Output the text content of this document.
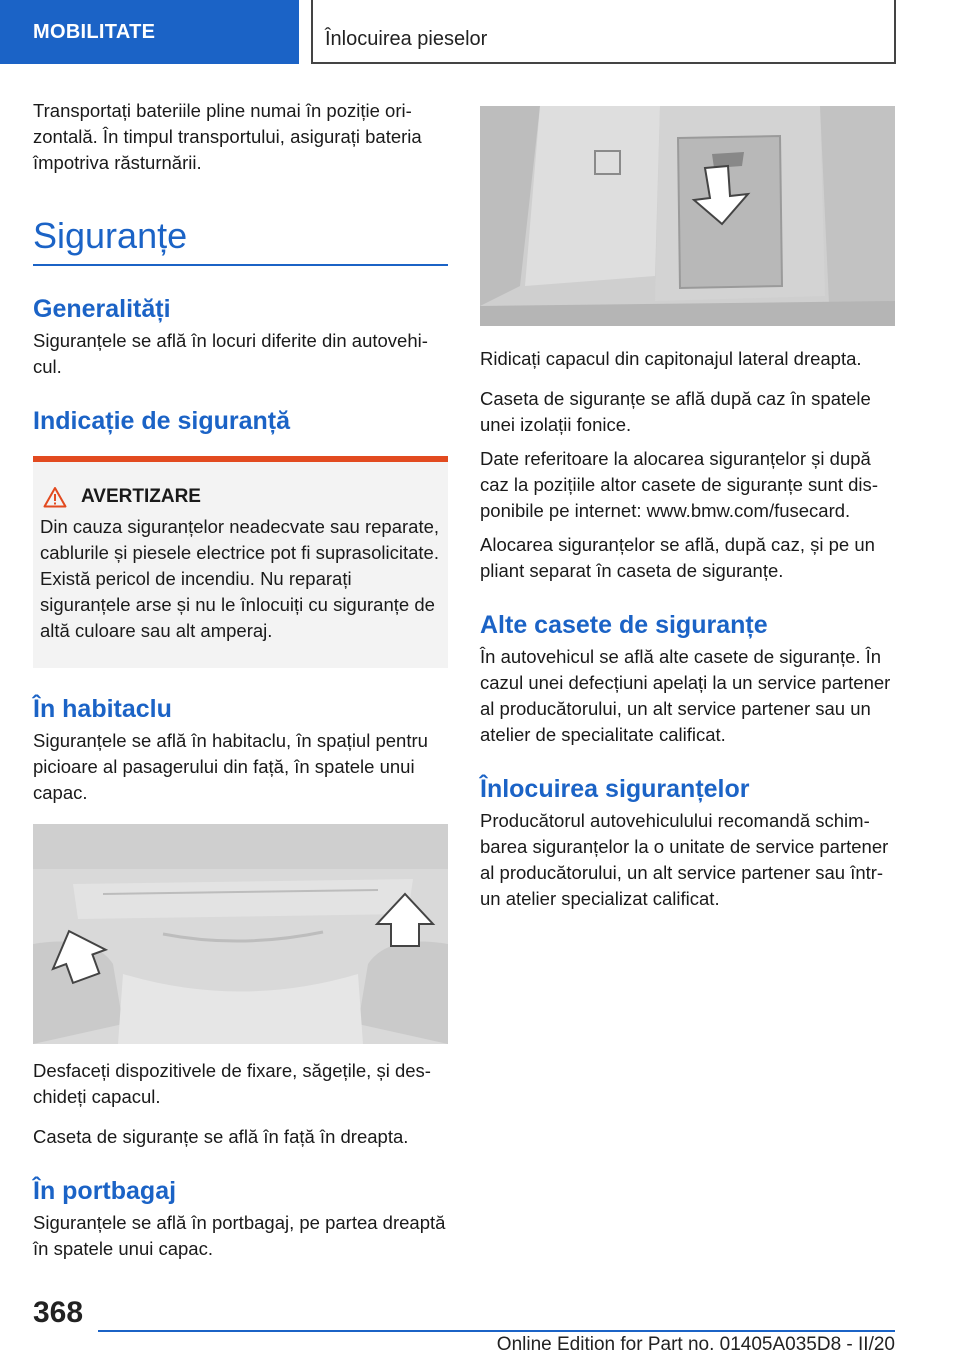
MOBILITATE	Înlocuirea pieselor

Transportați bateriile pline numai în poziție orizontală. În timpul transportului, asigurați bateria împotriva răsturnării.

Siguranțe
Generalități

Siguranțele se află în locuri diferite din autovehicul.

Indicație de siguranță
AVERTIZARE
Din cauza siguranțelor neadecvate sau reparate, cablurile și piesele electrice pot fi suprasolicitate. Există pericol de incendiu. Nu reparați siguranțele arse și nu le înlocuiți cu siguranțe de altă culoare sau alt amperaj.
În habitaclu

Siguranțele se află în habitaclu, în spațiul pentru picioare al pasagerului din față, în spatele unui capac.

Desfaceți dispozitivele de fixare, săgețile, și deschideți capacul.

Caseta de siguranțe se află în față în dreapta.

În portbagaj

Siguranțele se află în portbagaj, pe partea dreaptă în spatele unui capac.

Ridicați capacul din capitonajul lateral dreapta.

Caseta de siguranțe se află după caz în spatele unei izolații fonice.

Date referitoare la alocarea siguranțelor și după caz la pozițiile altor casete de siguranțe sunt disponibile pe internet: www.bmw.com/fusecard.

Alocarea siguranțelor se află, după caz, și pe un pliant separat în caseta de siguranțe.

Alte casete de siguranțe

În autovehicul se află alte casete de siguranțe. În cazul unei defecțiuni apelați la un service partener al producătorului, un alt service partener sau un atelier de specialitate calificat.

Înlocuirea siguranțelor

Producătorul autovehiculului recomandă schimbarea siguranțelor la o unitate de service partener al producătorului, un alt service partener sau într-un atelier specializat calificat.

368
Online Edition for Part no. 01405A035D8 - II/20
